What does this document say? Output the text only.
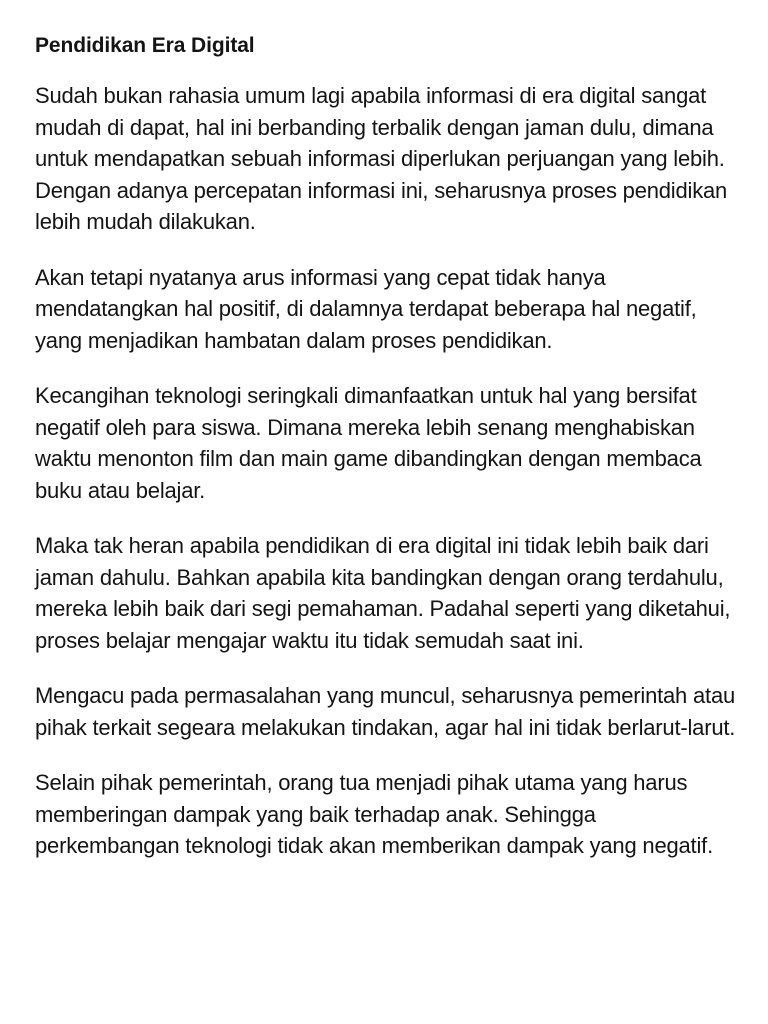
Pendidikan Era Digital

Sudah bukan rahasia umum lagi apabila informasi di era digital sangat mudah di dapat, hal ini berbanding terbalik dengan jaman dulu, dimana untuk mendapatkan sebuah informasi diperlukan perjuangan yang lebih. Dengan adanya percepatan informasi ini, seharusnya proses pendidikan lebih mudah dilakukan.

Akan tetapi nyatanya arus informasi yang cepat tidak hanya mendatangkan hal positif, di dalamnya terdapat beberapa hal negatif, yang menjadikan hambatan dalam proses pendidikan.

Kecangihan teknologi seringkali dimanfaatkan untuk hal yang bersifat negatif oleh para siswa. Dimana mereka lebih senang menghabiskan waktu menonton film dan main game dibandingkan dengan membaca buku atau belajar.

Maka tak heran apabila pendidikan di era digital ini tidak lebih baik dari jaman dahulu. Bahkan apabila kita bandingkan dengan orang terdahulu, mereka lebih baik dari segi pemahaman. Padahal seperti yang diketahui, proses belajar mengajar waktu itu tidak semudah saat ini.

Mengacu pada permasalahan yang muncul, seharusnya pemerintah atau pihak terkait segeara melakukan tindakan, agar hal ini tidak berlarut-larut.

Selain pihak pemerintah, orang tua menjadi pihak utama yang harus memberingan dampak yang baik terhadap anak. Sehingga perkembangan teknologi tidak akan memberikan dampak yang negatif.
